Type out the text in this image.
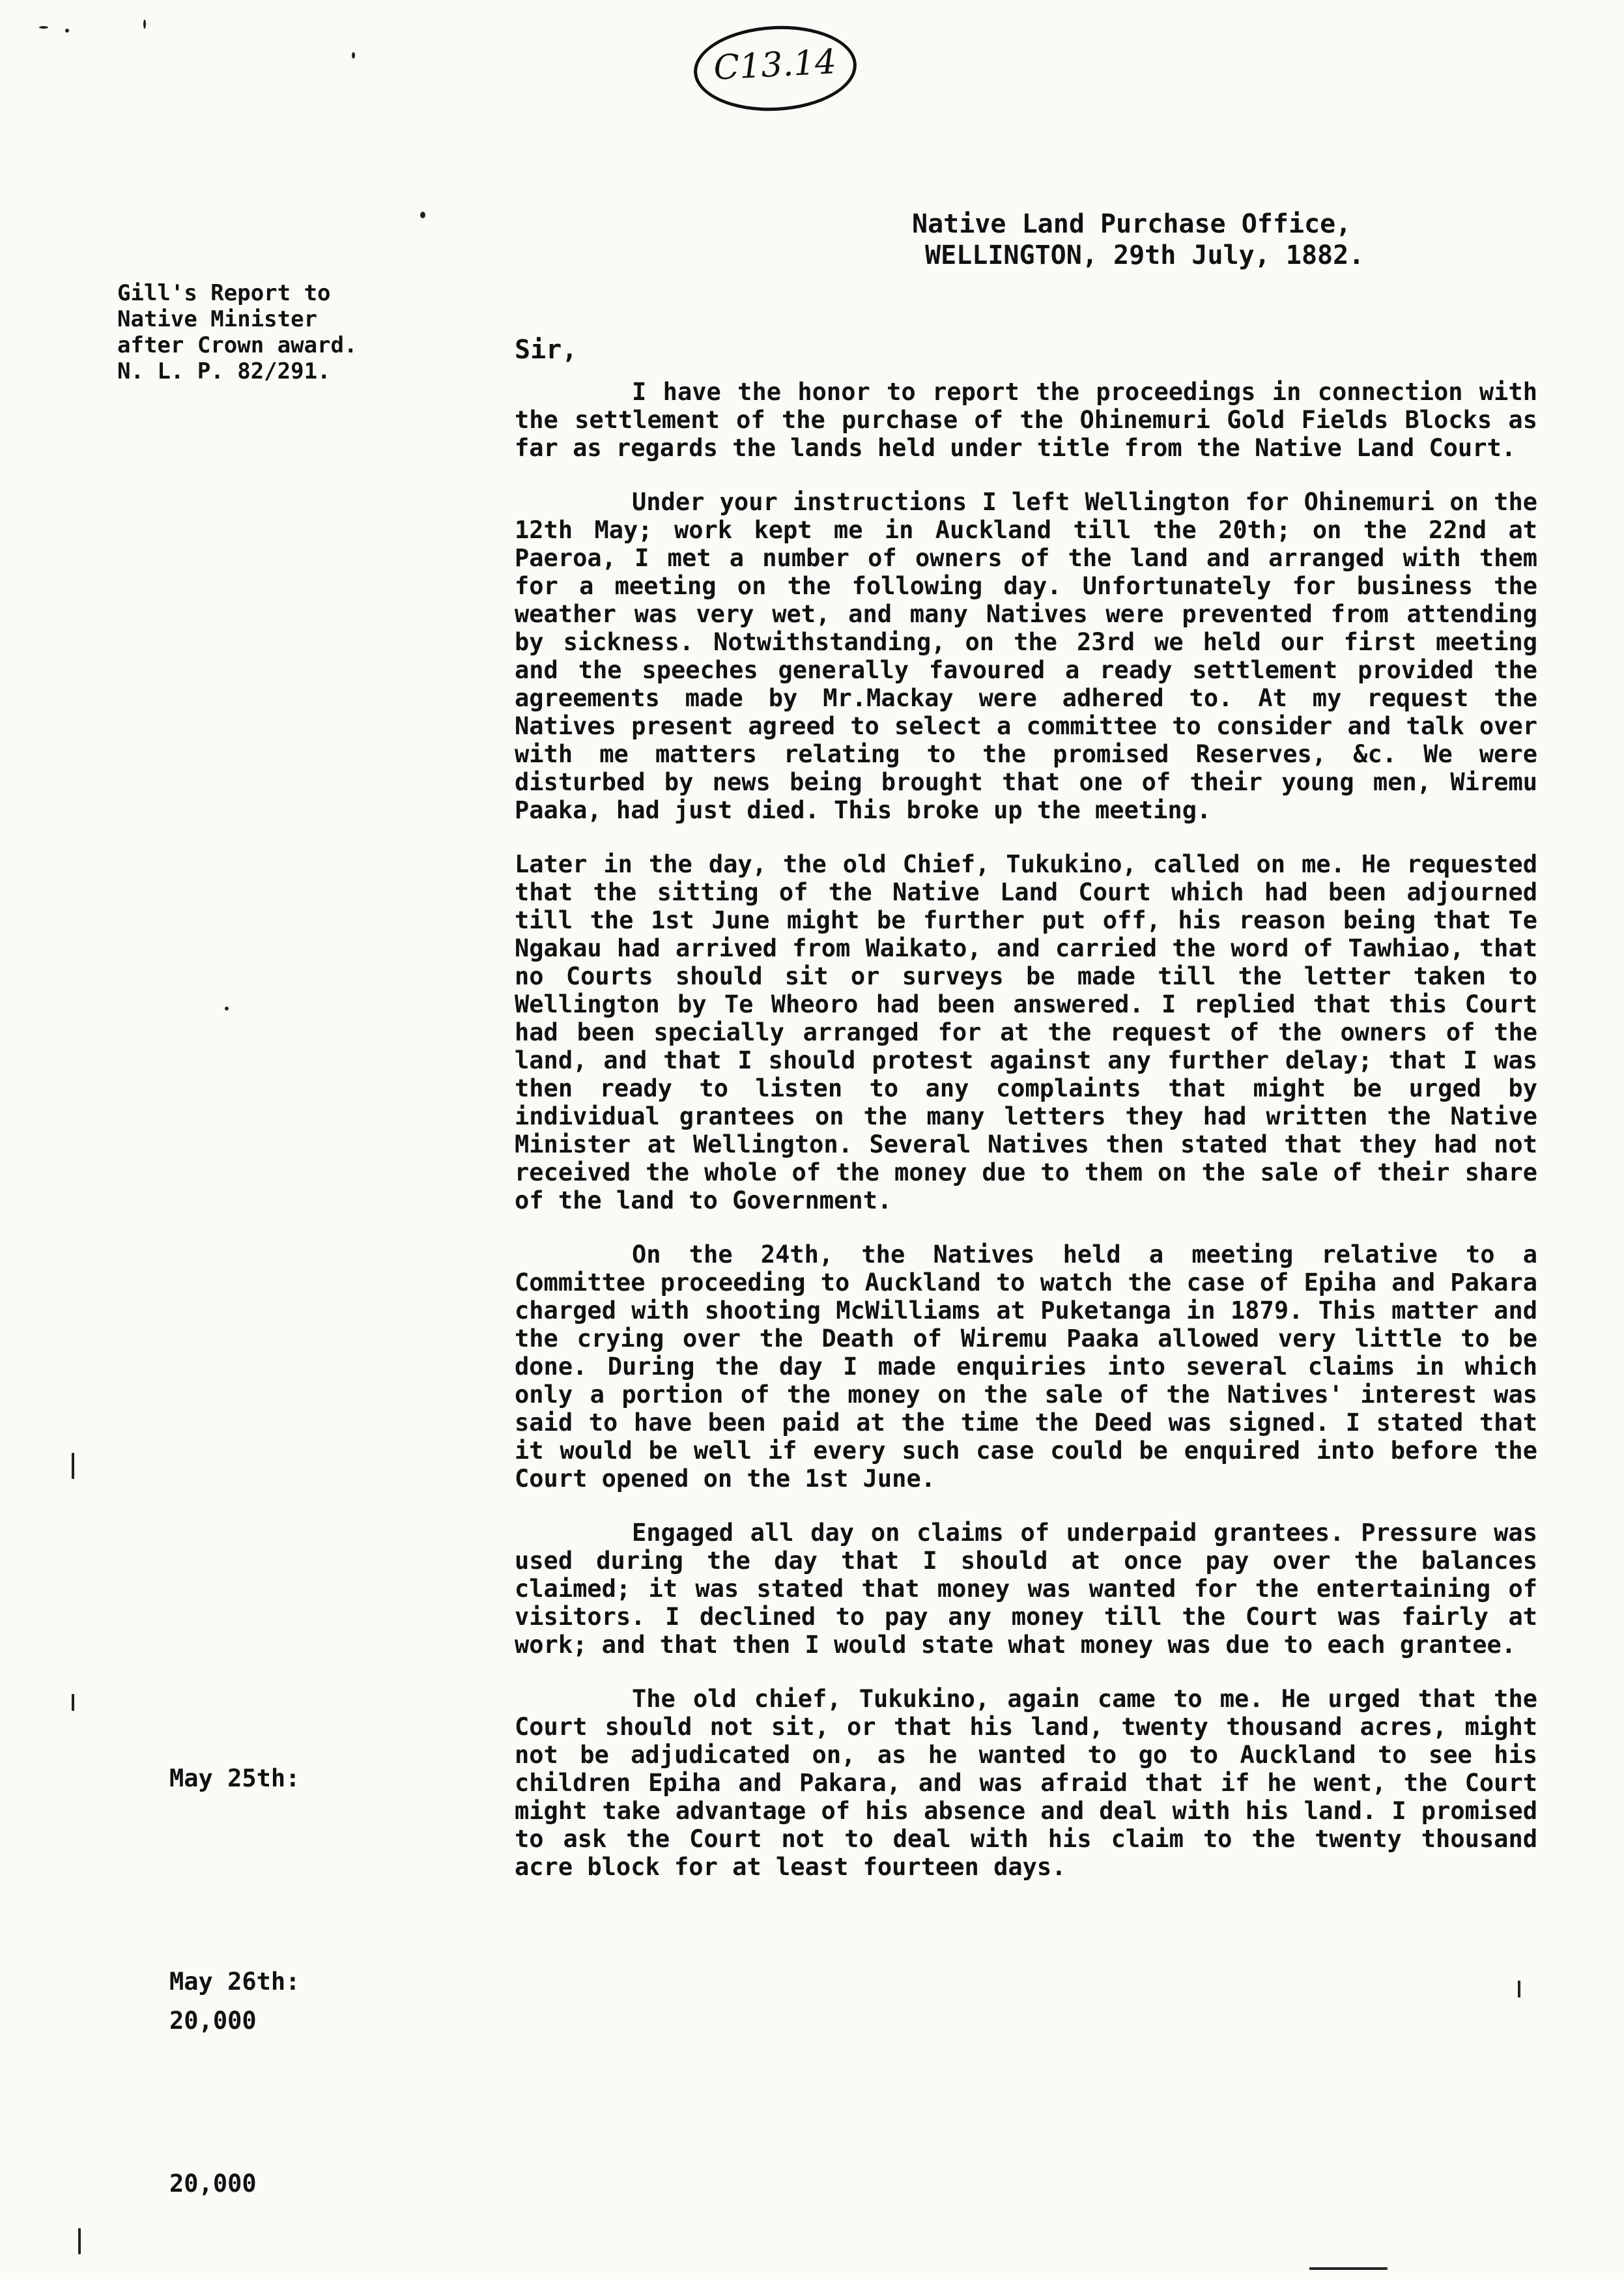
C13.14
Native Land Purchase Office,
WELLINGTON, 29th July, 1882.
Gill's Report to
Native Minister
after Crown award.
N. L. P. 82/291.
Sir,

I have the honor to report the proceedings in connection with the settlement of the purchase of the Ohinemuri Gold Fields Blocks as far as regards the lands held under title from the Native Land Court.

Under your instructions I left Wellington for Ohinemuri on the 12th May; work kept me in Auckland till the 20th; on the 22nd at Paeroa, I met a number of owners of the land and arranged with them for a meeting on the following day. Unfortunately for business the weather was very wet, and many Natives were prevented from attending by sickness. Notwithstanding, on the 23rd we held our first meeting and the speeches generally favoured a ready settlement provided the agreements made by Mr.Mackay were adhered to. At my request the Natives present agreed to select a committee to consider and talk over with me matters relating to the promised Reserves, &c. We were disturbed by news being brought that one of their young men, Wiremu Paaka, had just died. This broke up the meeting.

Later in the day, the old Chief, Tukukino, called on me. He requested that the sitting of the Native Land Court which had been adjourned till the 1st June might be further put off, his reason being that Te Ngakau had arrived from Waikato, and carried the word of Tawhiao, that no Courts should sit or surveys be made till the letter taken to Wellington by Te Wheoro had been answered. I replied that this Court had been specially arranged for at the request of the owners of the land, and that I should protest against any further delay; that I was then ready to listen to any complaints that might be urged by individual grantees on the many letters they had written the Native Minister at Wellington. Several Natives then stated that they had not received the whole of the money due to them on the sale of their share of the land to Government.

On the 24th, the Natives held a meeting relative to a Committee proceeding to Auckland to watch the case of Epiha and Pakara charged with shooting McWilliams at Puketanga in 1879. This matter and the crying over the Death of Wiremu Paaka allowed very little to be done. During the day I made enquiries into several claims in which only a portion of the money on the sale of the Natives' interest was said to have been paid at the time the Deed was signed. I stated that it would be well if every such case could be enquired into before the Court opened on the 1st June.

Engaged all day on claims of underpaid grantees. Pressure was used during the day that I should at once pay over the balances claimed; it was stated that money was wanted for the entertaining of visitors. I declined to pay any money till the Court was fairly at work; and that then I would state what money was due to each grantee.

The old chief, Tukukino, again came to me. He urged that the Court should not sit, or that his land, twenty thousand acres, might not be adjudicated on, as he wanted to go to Auckland to see his children Epiha and Pakara, and was afraid that if he went, the Court might take advantage of his absence and deal with his land. I promised to ask the Court not to deal with his claim to the twenty thousand acre block for at least fourteen days.

May 25th:
May 26th:
20,000
20,000
